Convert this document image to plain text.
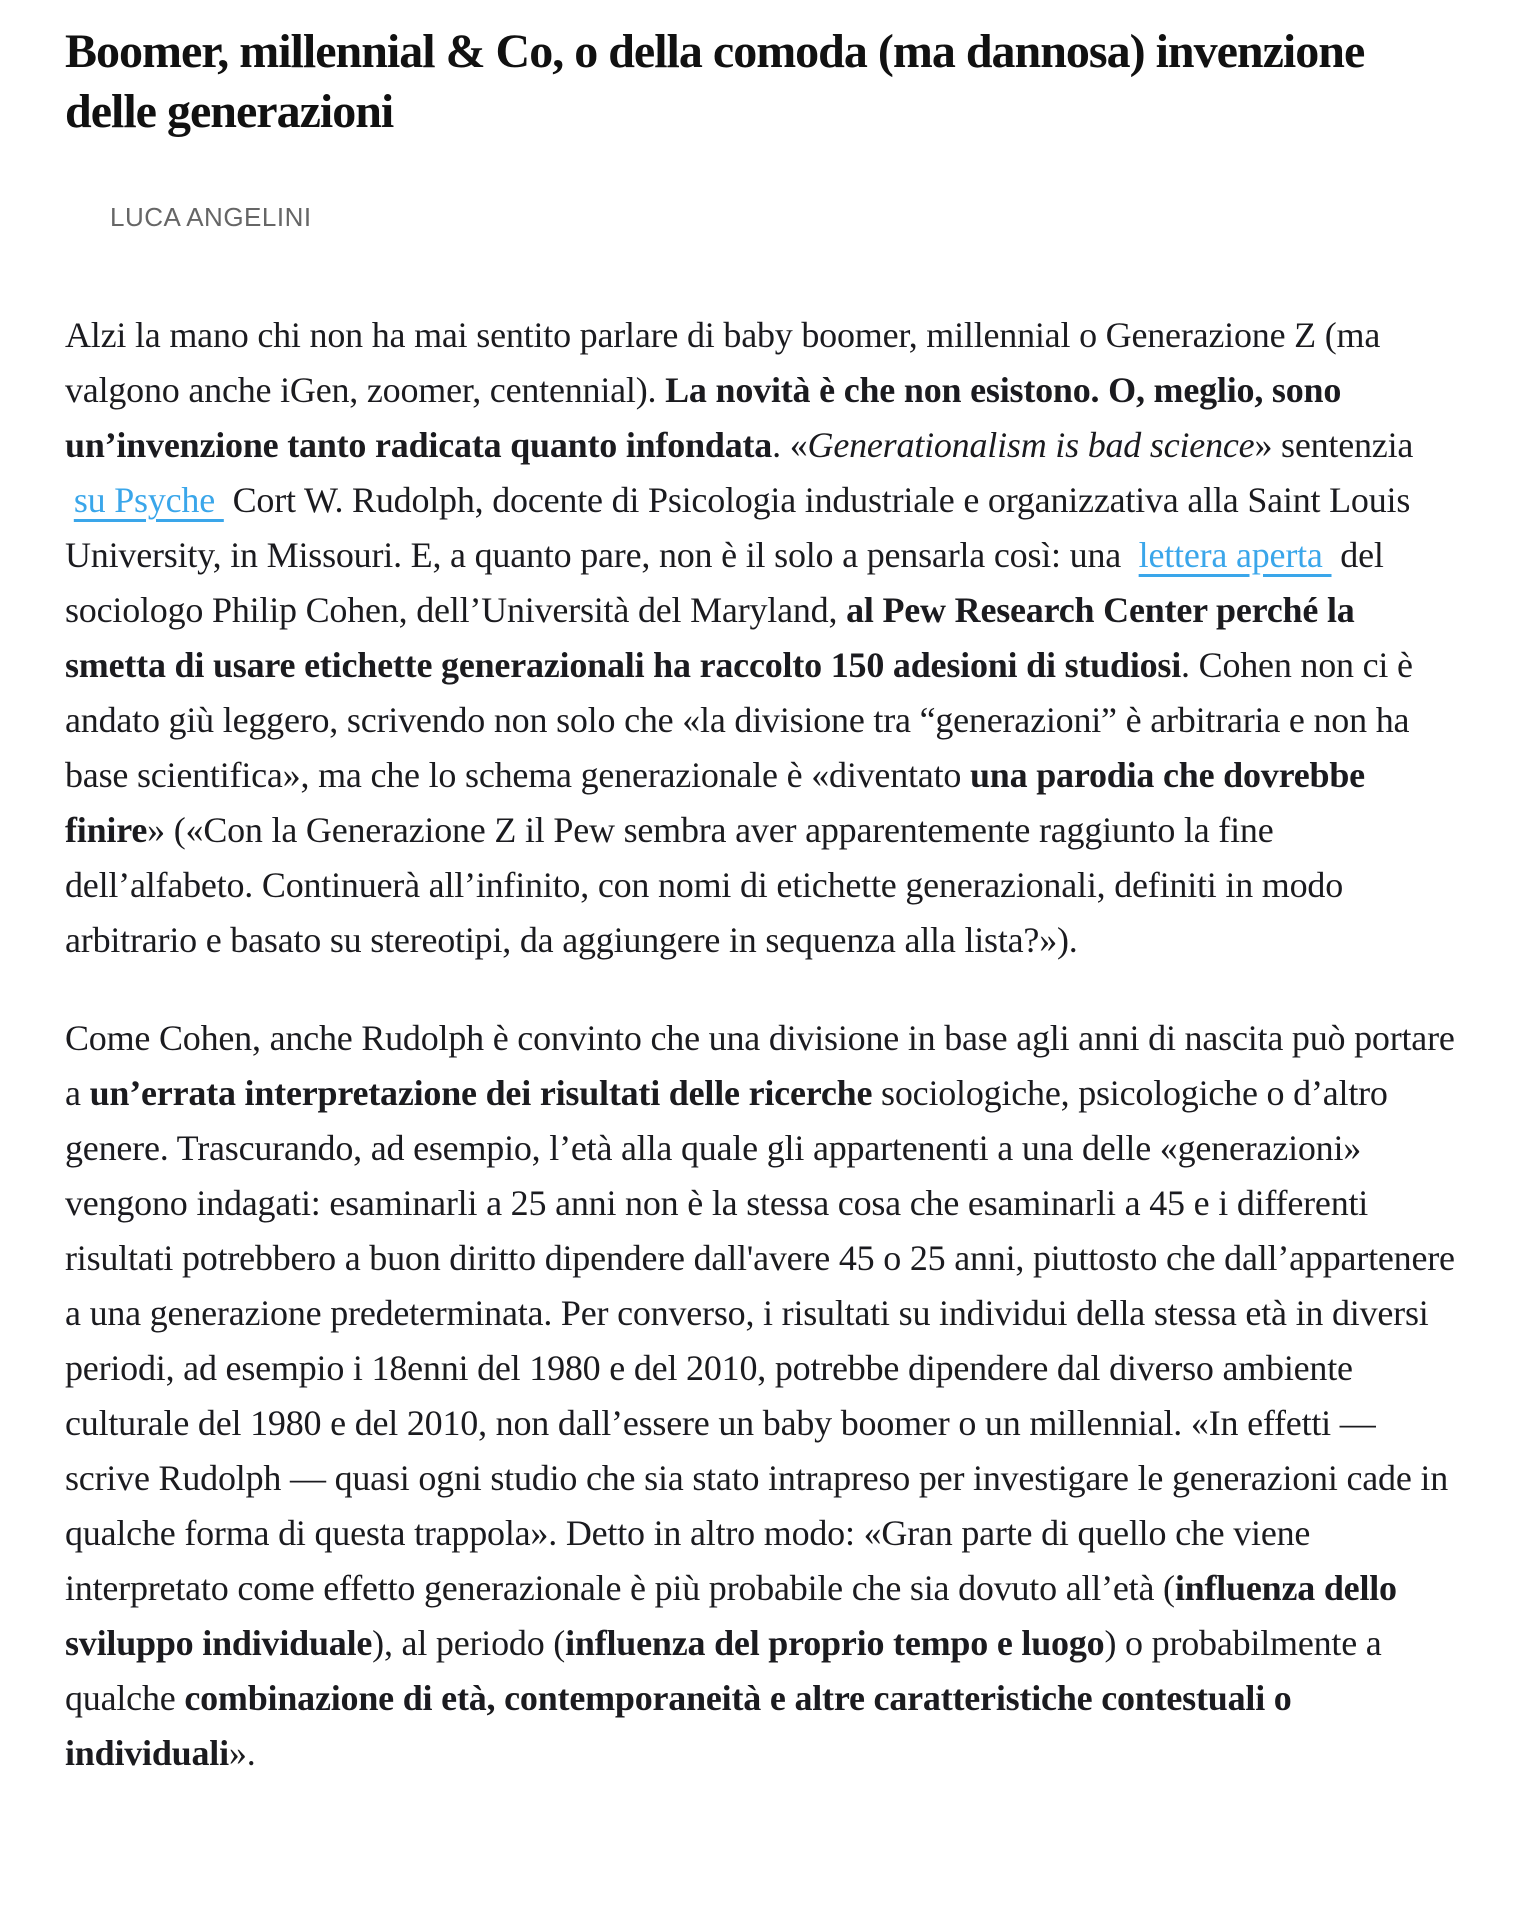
Boomer, millennial & Co, o della comoda (ma dannosa) invenzione delle generazioni
LUCA ANGELINI

Alzi la mano chi non ha mai sentito parlare di baby boomer, millennial o Generazione Z (ma valgono anche iGen, zoomer, centennial). La novità è che non esistono. O, meglio, sono un’invenzione tanto radicata quanto infondata. «Generationalism is bad science» sentenzia  su Psyche  Cort W. Rudolph, docente di Psicologia industriale e organizzativa alla Saint Louis University, in Missouri. E, a quanto pare, non è il solo a pensarla così: una  lettera aperta  del sociologo Philip Cohen, dell’Università del Maryland, al Pew Research Center perché la smetta di usare etichette generazionali ha raccolto 150 adesioni di studiosi. Cohen non ci è andato giù leggero, scrivendo non solo che «la divisione tra “generazioni” è arbitraria e non ha base scientifica», ma che lo schema generazionale è «diventato una parodia che dovrebbe finire» («Con la Generazione Z il Pew sembra aver apparentemente raggiunto la fine dell’alfabeto. Continuerà all’infinito, con nomi di etichette generazionali, definiti in modo arbitrario e basato su stereotipi, da aggiungere in sequenza alla lista?»).

Come Cohen, anche Rudolph è convinto che una divisione in base agli anni di nascita può portare a un’errata interpretazione dei risultati delle ricerche sociologiche, psicologiche o d’altro genere. Trascurando, ad esempio, l’età alla quale gli appartenenti a una delle «generazioni» vengono indagati: esaminarli a 25 anni non è la stessa cosa che esaminarli a 45 e i differenti risultati potrebbero a buon diritto dipendere dall'avere 45 o 25 anni, piuttosto che dall’appartenere a una generazione predeterminata. Per converso, i risultati su individui della stessa età in diversi periodi, ad esempio i 18enni del 1980 e del 2010, potrebbe dipendere dal diverso ambiente culturale del 1980 e del 2010, non dall’essere un baby boomer o un millennial. «In effetti — scrive Rudolph — quasi ogni studio che sia stato intrapreso per investigare le generazioni cade in qualche forma di questa trappola». Detto in altro modo: «Gran parte di quello che viene interpretato come effetto generazionale è più probabile che sia dovuto all’età (influenza dello sviluppo individuale), al periodo (influenza del proprio tempo e luogo) o probabilmente a qualche combinazione di età, contemporaneità e altre caratteristiche contestuali o individuali».
